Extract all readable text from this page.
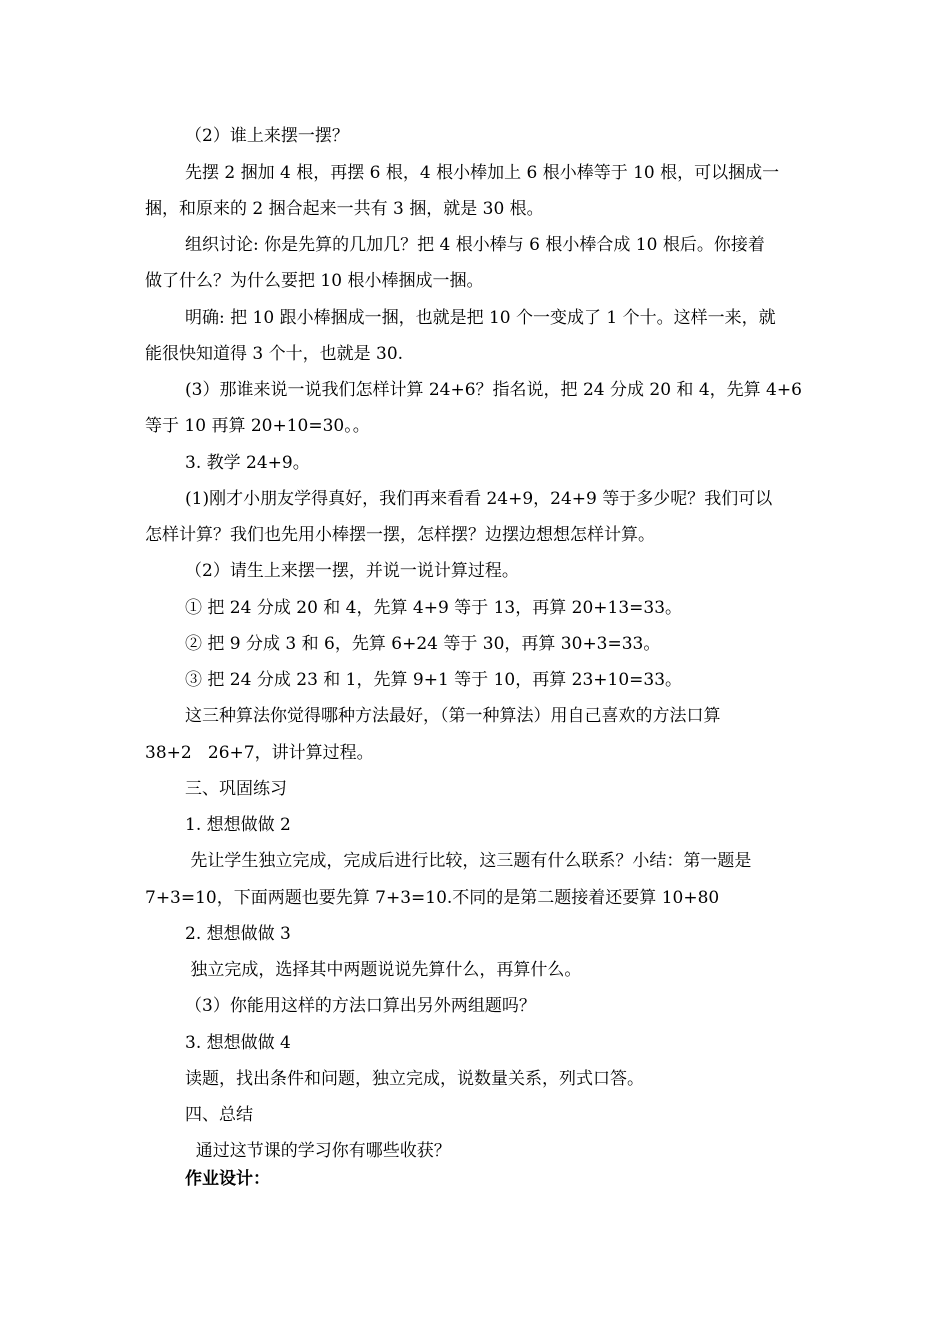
（2）谁上来摆一摆？
先摆 2 捆加 4 根，再摆 6 根，4 根小棒加上 6 根小棒等于 10 根，可以捆成一
捆，和原来的 2 捆合起来一共有 3 捆，就是 30 根。
组织讨论: 你是先算的几加几？把 4 根小棒与 6 根小棒合成 10 根后。你接着
做了什么？为什么要把 10 根小棒捆成一捆。
明确: 把 10 跟小棒捆成一捆，也就是把 10 个一变成了 1 个十。这样一来，就
能很快知道得 3 个十，也就是 30.
(3）那谁来说一说我们怎样计算 24+6？指名说，把 24 分成 20 和 4，先算 4+6
等于 10 再算 20+10=30。。
3. 教学 24+9。
(1)刚才小朋友学得真好，我们再来看看 24+9，24+9 等于多少呢？我们可以
怎样计算？我们也先用小棒摆一摆，怎样摆？边摆边想想怎样计算。
（2）请生上来摆一摆，并说一说计算过程。
① 把 24 分成 20 和 4，先算 4+9 等于 13，再算 20+13=33。
② 把 9 分成 3 和 6，先算 6+24 等于 30，再算 30+3=33。
③ 把 24 分成 23 和 1，先算 9+1 等于 10，再算 23+10=33。
这三种算法你觉得哪种方法最好，（第一种算法）用自己喜欢的方法口算
38+2   26+7，讲计算过程。
三、巩固练习
1. 想想做做 2
先让学生独立完成，完成后进行比较，这三题有什么联系？小结：第一题是
7+3=10，下面两题也要先算 7+3=10.不同的是第二题接着还要算 10+80
2. 想想做做 3
独立完成，选择其中两题说说先算什么，再算什么。
（3）你能用这样的方法口算出另外两组题吗？
3. 想想做做 4
读题，找出条件和问题，独立完成，说数量关系，列式口答。
四、总结
通过这节课的学习你有哪些收获？
作业设计：
